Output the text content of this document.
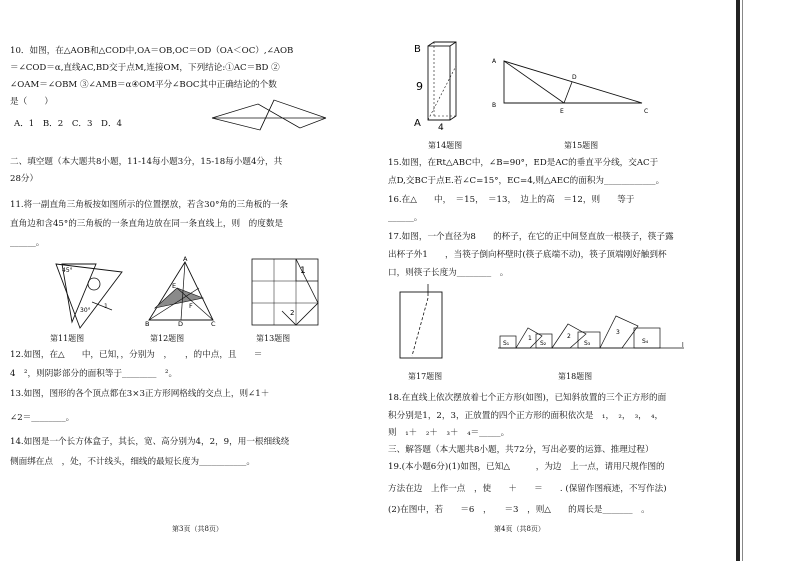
10．如图，在△AOB和△COD中,OA＝OB,OC＝OD（OA＜OC）,∠AOB
＝∠COD＝α,直线AC,BD交于点M,连接OM，下列结论:①AC＝BD ②
∠OAM＝∠OBM ③∠AMB＝α④OM平分∠BOC其中正确结论的个数
是（　　）
A．1　B．2　C．3　D．4
二、填空题（本大题共8小题，11-14每小题3分，15-18每小题4分，共
28分）
11.将一副直角三角板按如图所示的位置摆放，若含30°角的三角板的一条
直角边和含45°的三角板的一条直角边放在同一条直线上，则　的度数是
______。
45°
30°
1
A
B	D	C
E
F
1
2
第11题图	第12题图	第13题图
12.如图，在△　　中，已知，，分别为　，　　，的中点，且　　＝
4　²，则阴影部分的面积等于________　²。
13.如图，图形的各个顶点都在3×3正方形网格线的交点上，则∠1＋
∠2＝________。
14.如图是一个长方体盒子，其长，宽、高分别为4，2，9，用一根细线绕
侧面绑在点　，处，不计线头，细线的最短长度为___________。
第3页（共8页）
B
A
9
4
第14题图
A
B
C
D
E
第15题图
15.如图，在Rt△ABC中，∠B=90°，ED是AC的垂直平分线，交AC于
点D,交BC于点E.若∠C=15°，EC=4,则△AEC的面积为____________。
16.在△　　中，　＝15，　＝13，　边上的高　＝12，则　　等于
______。
17.如图，一个直径为8　　的杯子，在它的正中间竖直放一根筷子，筷子露
出杯子外1　　，当筷子倒向杯壁时(筷子底端不动)，筷子顶端刚好触到杯
口，则筷子长度为________　。
第17题图
S₁	S₂	S₃	S₄
1	2
3
l
第18题图
18.在直线上依次摆放着七个正方形(如图)，已知斜放置的三个正方形的面
积分别是1，2，3，正放置的四个正方形的面积依次是　₁，　₂，　₃，　₄，
则　₁＋　₂＋　₃＋　₄＝_____。
三、解答题（本大题共8小题，共72分，写出必要的运算、推理过程）
19.(本小题6分)(1)如图，已知△　　　，为边　上一点，请用尺规作图的
方法在边　上作一点　，使　　＋　　＝　　. (保留作图痕迹，不写作法)
(2)在图中，若　　＝6　，　　＝3　，则△　　的周长是_______　。
第4页（共8页）
